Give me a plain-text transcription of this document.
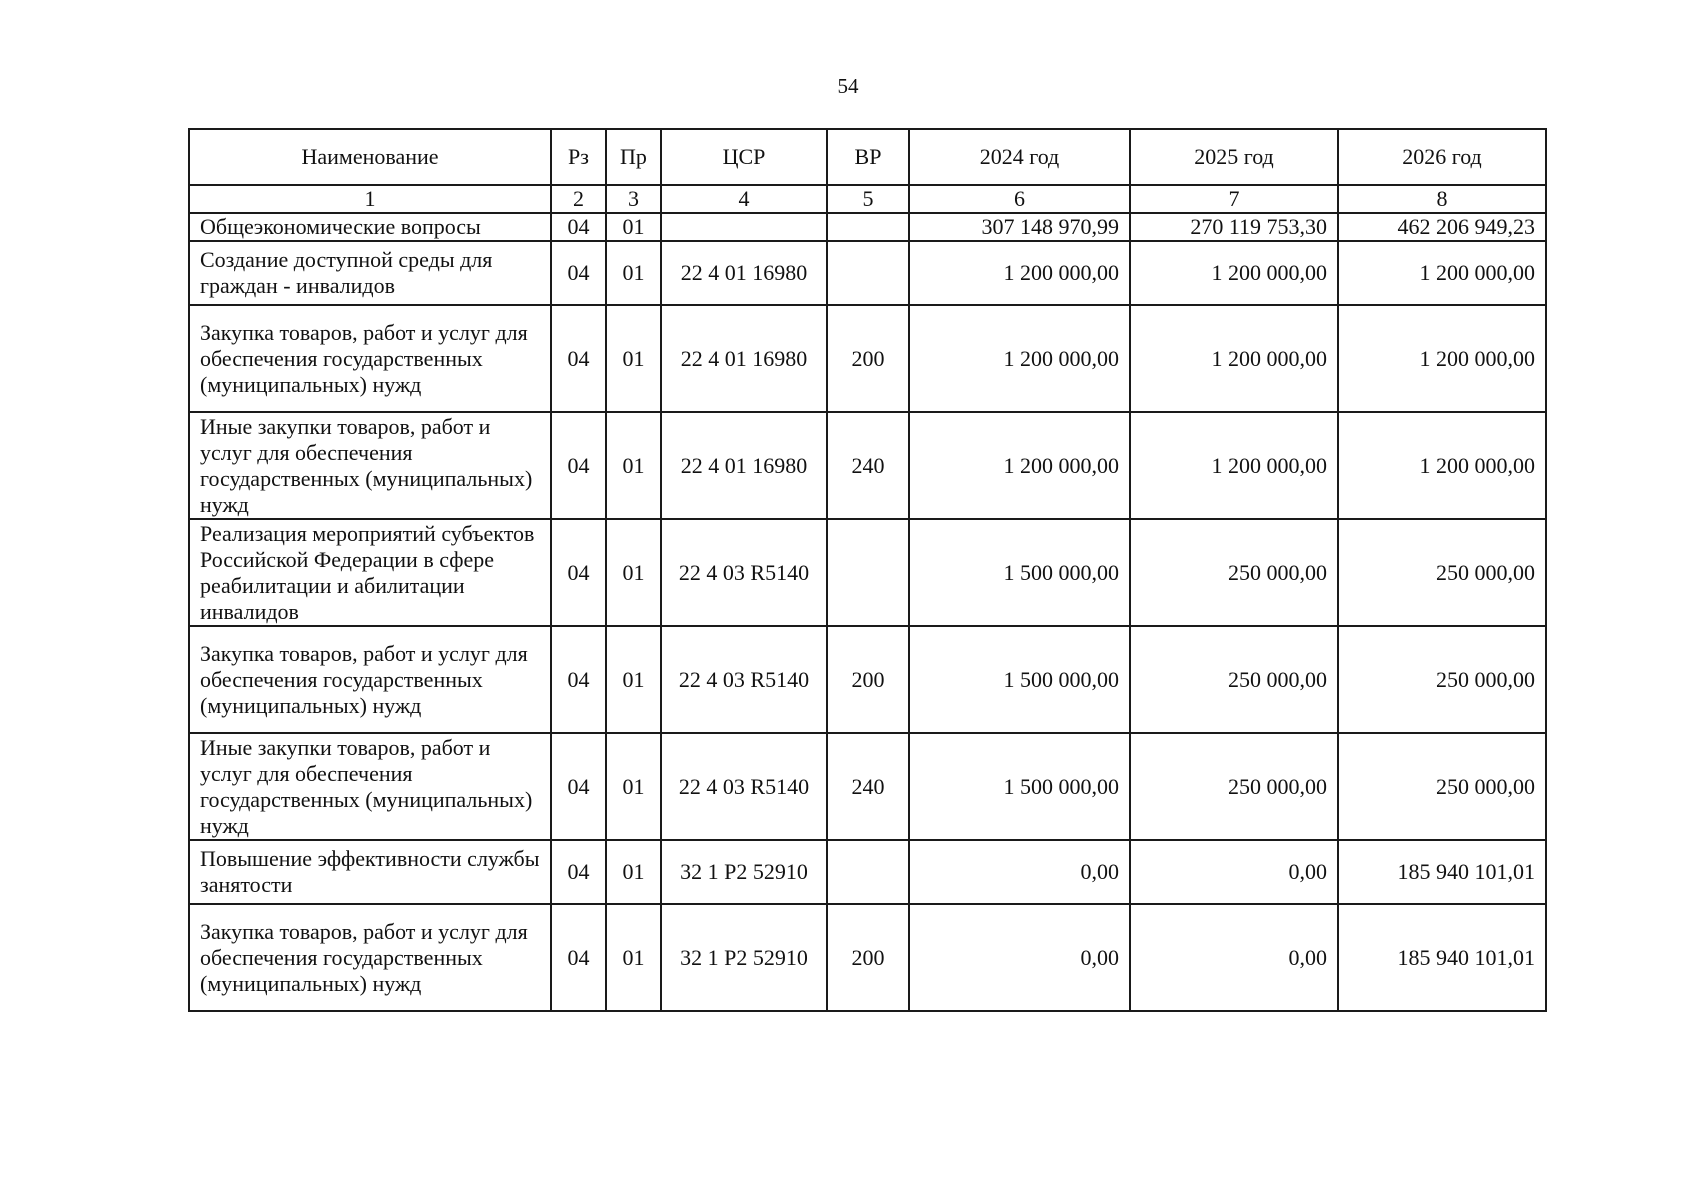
54
Наименование	Рз	Пр	ЦСР	ВР	2024 год	2025 год	2026 год
1	2	3	4	5	6	7	8
Общеэкономические вопросы	04	01			307 148 970,99	270 119 753,30	462 206 949,23
Создание доступной среды для граждан - инвалидов	04	01	22 4 01 16980		1 200 000,00	1 200 000,00	1 200 000,00
Закупка товаров, работ и услуг для обеспечения государственных (муниципальных) нужд	04	01	22 4 01 16980	200	1 200 000,00	1 200 000,00	1 200 000,00
Иные закупки товаров, работ и услуг для обеспечения государственных (муниципальных) нужд	04	01	22 4 01 16980	240	1 200 000,00	1 200 000,00	1 200 000,00
Реализация мероприятий субъектов Российской Федерации в сфере реабилитации и абилитации инвалидов	04	01	22 4 03 R5140		1 500 000,00	250 000,00	250 000,00
Закупка товаров, работ и услуг для обеспечения государственных (муниципальных) нужд	04	01	22 4 03 R5140	200	1 500 000,00	250 000,00	250 000,00
Иные закупки товаров, работ и услуг для обеспечения государственных (муниципальных) нужд	04	01	22 4 03 R5140	240	1 500 000,00	250 000,00	250 000,00
Повышение эффективности службы занятости	04	01	32 1 P2 52910		0,00	0,00	185 940 101,01
Закупка товаров, работ и услуг для обеспечения государственных (муниципальных) нужд	04	01	32 1 P2 52910	200	0,00	0,00	185 940 101,01
